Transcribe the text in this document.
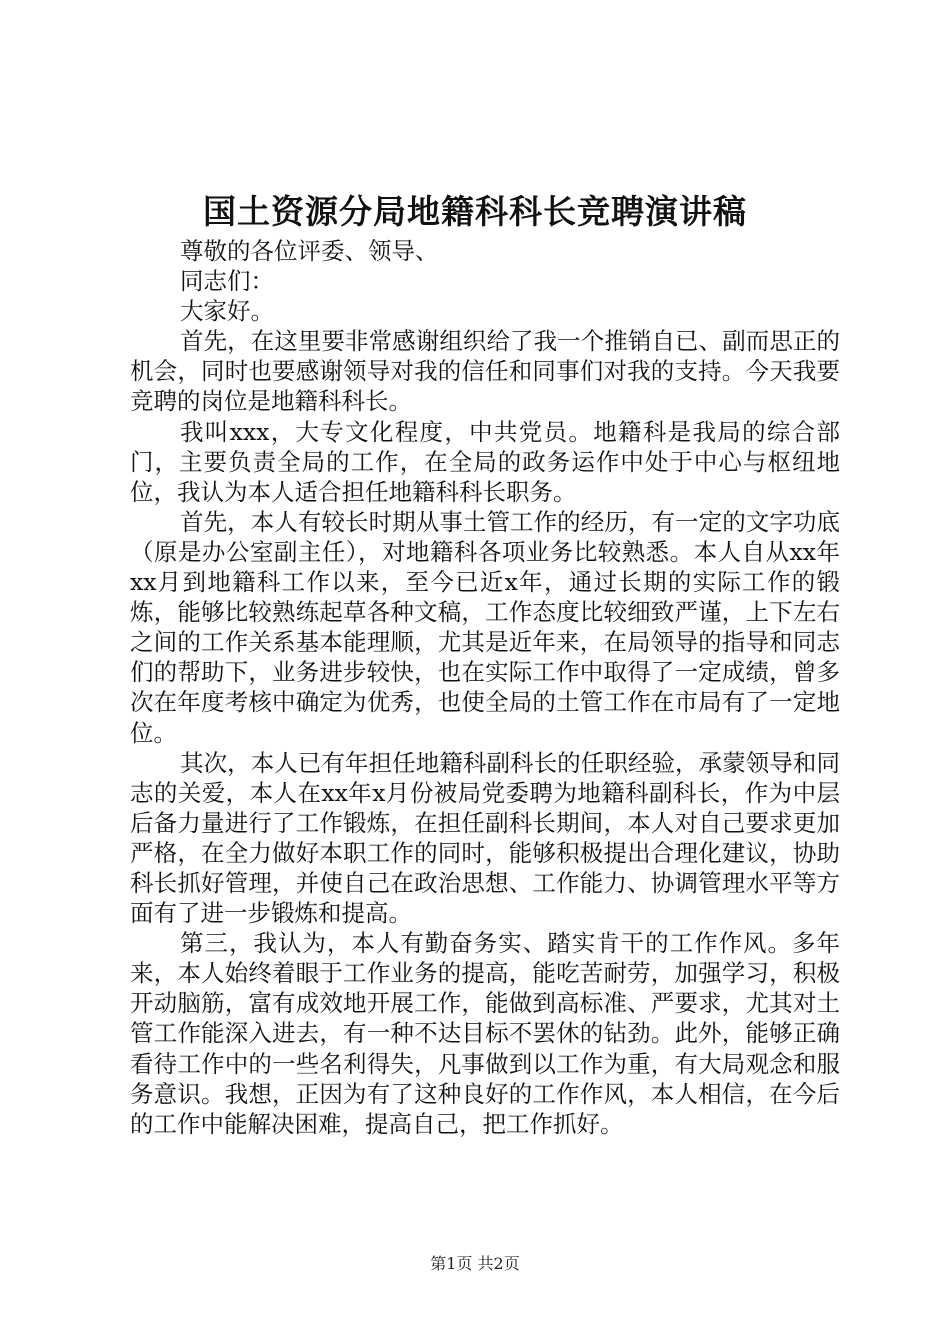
国土资源分局地籍科科长竞聘演讲稿

尊敬的各位评委、领导、

同志们：

大家好。

首先，在这里要非常感谢组织给了我一个推销自已、副而思正的机会，同时也要感谢领导对我的信任和同事们对我的支持。今天我要竞聘的岗位是地籍科科长。

我叫xxx，大专文化程度，中共党员。地籍科是我局的综合部门，主要负责全局的工作，在全局的政务运作中处于中心与枢纽地位，我认为本人适合担任地籍科科长职务。

首先，本人有较长时期从事土管工作的经历，有一定的文字功底（原是办公室副主任），对地籍科各项业务比较熟悉。本人自从xx年xx月到地籍科工作以来，至今已近x年，通过长期的实际工作的锻炼，能够比较熟练起草各种文稿，工作态度比较细致严谨，上下左右之间的工作关系基本能理顺，尤其是近年来，在局领导的指导和同志们的帮助下，业务进步较快，也在实际工作中取得了一定成绩，曾多次在年度考核中确定为优秀，也使全局的土管工作在市局有了一定地位。

其次，本人已有年担任地籍科副科长的任职经验，承蒙领导和同志的关爱，本人在xx年x月份被局党委聘为地籍科副科长，作为中层后备力量进行了工作锻炼，在担任副科长期间，本人对自己要求更加严格，在全力做好本职工作的同时，能够积极提出合理化建议，协助科长抓好管理，并使自己在政治思想、工作能力、协调管理水平等方面有了进一步锻炼和提高。

第三，我认为，本人有勤奋务实、踏实肯干的工作作风。多年来，本人始终着眼于工作业务的提高，能吃苦耐劳，加强学习，积极开动脑筋，富有成效地开展工作，能做到高标准、严要求，尤其对土管工作能深入进去，有一种不达目标不罢休的钻劲。此外，能够正确看待工作中的一些名利得失，凡事做到以工作为重，有大局观念和服务意识。我想，正因为有了这种良好的工作作风，本人相信，在今后的工作中能解决困难，提高自己，把工作抓好。

第1页 共2页
